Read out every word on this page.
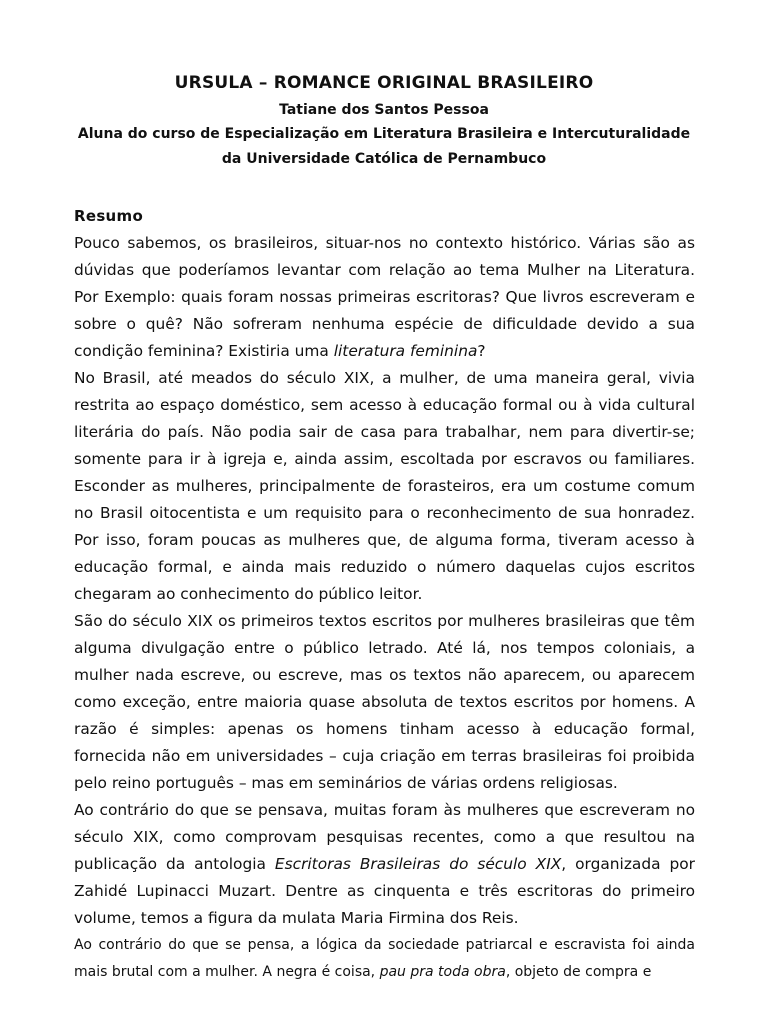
URSULA – ROMANCE ORIGINAL BRASILEIRO
Tatiane dos Santos Pessoa
Aluna do curso de Especialização em Literatura Brasileira e Intercuturalidade
da Universidade Católica de Pernambuco
Resumo

Pouco sabemos, os brasileiros, situar-nos no contexto histórico. Várias são as dúvidas que poderíamos levantar com relação ao tema Mulher na Literatura. Por Exemplo: quais foram nossas primeiras escritoras? Que livros escreveram e sobre o quê? Não sofreram nenhuma espécie de dificuldade devido a sua condição feminina? Existiria uma literatura feminina?

No Brasil, até meados do século XIX, a mulher, de uma maneira geral, vivia restrita ao espaço doméstico, sem acesso à educação formal ou à vida cultural literária do país. Não podia sair de casa para trabalhar, nem para divertir-se; somente para ir à igreja e, ainda assim, escoltada por escravos ou familiares. Esconder as mulheres, principalmente de forasteiros, era um costume comum no Brasil oitocentista e um requisito para o reconhecimento de sua honradez. Por isso, foram poucas as mulheres que, de alguma forma, tiveram acesso à educação formal, e ainda mais reduzido o número daquelas cujos escritos chegaram ao conhecimento do público leitor.

São do século XIX os primeiros textos escritos por mulheres brasileiras que têm alguma divulgação entre o público letrado. Até lá, nos tempos coloniais, a mulher nada escreve, ou escreve, mas os textos não aparecem, ou aparecem como exceção, entre maioria quase absoluta de textos escritos por homens. A razão é simples: apenas os homens tinham acesso à educação formal, fornecida não em universidades – cuja criação em terras brasileiras foi proibida pelo reino português – mas em seminários de várias ordens religiosas.

Ao contrário do que se pensava, muitas foram às mulheres que escreveram no século XIX, como comprovam pesquisas recentes, como a que resultou na publicação da antologia Escritoras Brasileiras do século XIX, organizada por Zahidé Lupinacci Muzart. Dentre as cinquenta e três escritoras do primeiro volume, temos a figura da mulata Maria Firmina dos Reis.

Ao contrário do que se pensa, a lógica da sociedade patriarcal e escravista foi ainda mais brutal com a mulher. A negra é coisa, pau pra toda obra, objeto de compra e
